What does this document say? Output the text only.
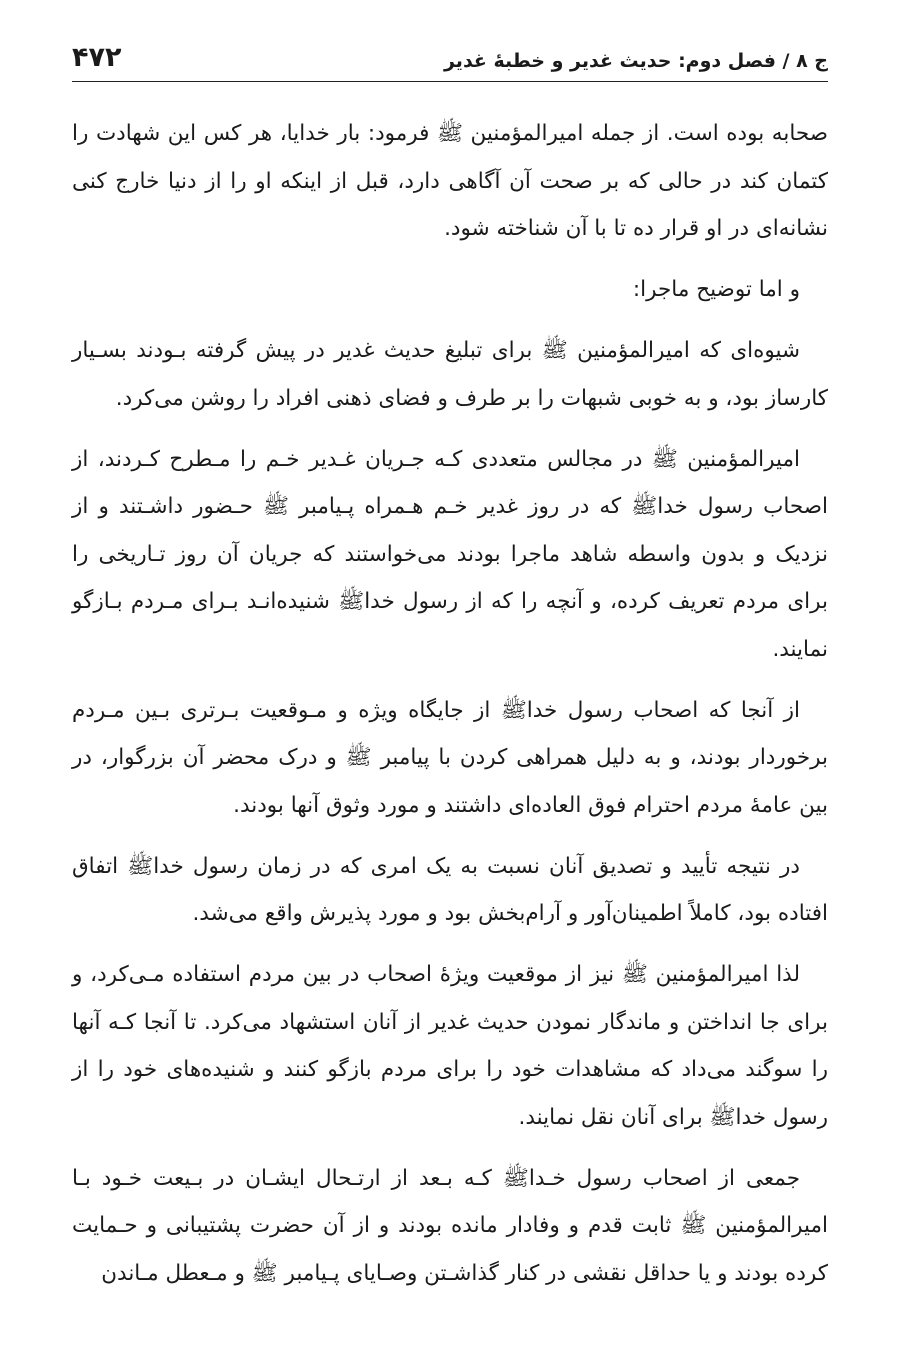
ج ۸ / فصل دوم: حدیث غدیر و خطبهٔ غدیر
۴۷۲

صحابه بوده است. از جمله امیرالمؤمنین ﷺ فرمود: بار خدایا، هر کس این شهادت را کتمان کند در حالی که بر صحت آن آگاهی دارد، قبل از اینکه او را از دنیا خارج کنی نشانه‌ای در او قرار ده تا با آن شناخته شود.

و اما توضیح ماجرا:

شیوه‌ای که امیرالمؤمنین ﷺ برای تبلیغ حدیث غدیر در پیش گرفته بـودند بسـیار کارساز بود، و به خوبی شبهات را بر طرف و فضای ذهنی افراد را روشن می‌کرد.

امیرالمؤمنین ﷺ در مجالس متعددی کـه جـریان غـدیر خـم را مـطرح کـردند، از اصحاب رسول خداﷺ که در روز غدیر خـم هـمراه پـیامبر ﷺ حـضور داشـتند و از نزدیک و بدون واسطه شاهد ماجرا بودند می‌خواستند که جریان آن روز تـاریخی را برای مردم تعریف کرده، و آنچه را که از رسول خداﷺ شنیده‌انـد بـرای مـردم بـازگو نمایند.

از آنجا که اصحاب رسول خداﷺ از جایگاه ویژه و مـوقعیت بـرتری بـین مـردم برخوردار بودند، و به دلیل همراهی کردن با پیامبر ﷺ و درک محضر آن بزرگوار، در بین عامهٔ مردم احترام فوق العاده‌ای داشتند و مورد وثوق آنها بودند.

در نتیجه تأیید و تصدیق آنان نسبت به یک امری که در زمان رسول خداﷺ اتفاق افتاده بود، کاملاً اطمینان‌آور و آرام‌بخش بود و مورد پذیرش واقع می‌شد.

لذا امیرالمؤمنین ﷺ نیز از موقعیت ویژهٔ اصحاب در بین مردم استفاده مـی‌کرد، و برای جا انداختن و ماندگار نمودن حدیث غدیر از آنان استشهاد می‌کرد. تا آنجا کـه آنها را سوگند می‌داد که مشاهدات خود را برای مردم بازگو کنند و شنیده‌های خود را از رسول خداﷺ برای آنان نقل نمایند.

جمعی از اصحاب رسول خـداﷺ کـه بـعد از ارتـحال ایشـان در بـیعت خـود بـا امیرالمؤمنین ﷺ ثابت قدم و وفادار مانده بودند و از آن حضرت پشتیبانی و حـمایت کرده بودند و یا حداقل نقشی در کنار گذاشـتن وصـایای پـیامبر ﷺ و مـعطل مـاندن
